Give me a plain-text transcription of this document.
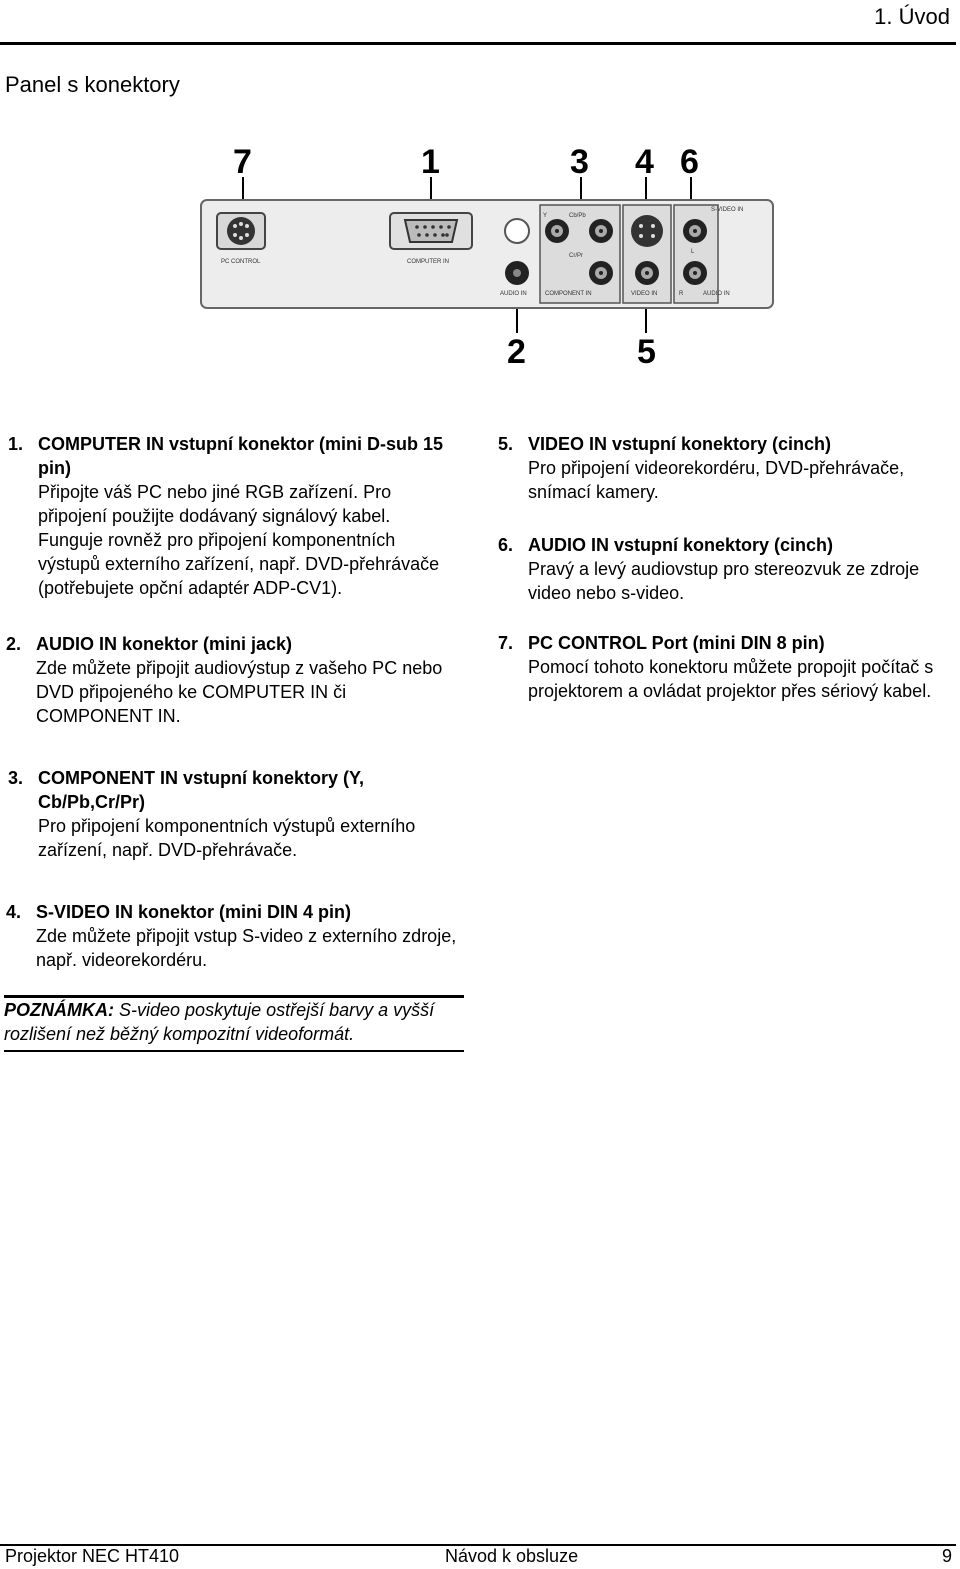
1. Úvod
Panel s konektory
7	1	3 4 6
2	5
PC CONTROL	COMPUTER IN
AUDIO IN
Y	Cb/Pb
Cr/Pr
COMPONENT IN	VIDEO IN
S-VIDEO IN
L
R	AUDIO IN
1. COMPUTER IN vstupní konektor (mini D-sub 15 pin)
Připojte váš PC nebo jiné RGB zařízení. Pro připojení použijte dodávaný signálový kabel. Funguje rovněž pro připojení komponentních výstupů externího zařízení, např. DVD-přehrávače (potřebujete opční adaptér ADP-CV1).
2. AUDIO IN konektor (mini jack)
Zde můžete připojit audiovýstup z vašeho PC nebo DVD připojeného ke COMPUTER IN či COMPONENT IN.
3. COMPONENT IN vstupní konektory (Y, Cb/Pb,Cr/Pr)
Pro připojení komponentních výstupů externího zařízení, např. DVD-přehrávače.
4. S-VIDEO IN konektor (mini DIN 4 pin)
Zde můžete připojit vstup S-video z externího zdroje, např. videorekordéru.
5. VIDEO IN vstupní konektory (cinch)
Pro připojení videorekordéru, DVD-přehrávače, snímací kamery.
6. AUDIO IN vstupní konektory (cinch)
Pravý a levý audiovstup pro stereozvuk ze zdroje video nebo s-video.
7. PC CONTROL Port (mini DIN 8 pin)
Pomocí tohoto konektoru můžete propojit počítač s projektorem a ovládat projektor přes sériový kabel.
POZNÁMKA: S-video poskytuje ostřejší barvy a vyšší rozlišení než běžný kompozitní videoformát.
Projektor NEC HT410	Návod k obsluze	9
